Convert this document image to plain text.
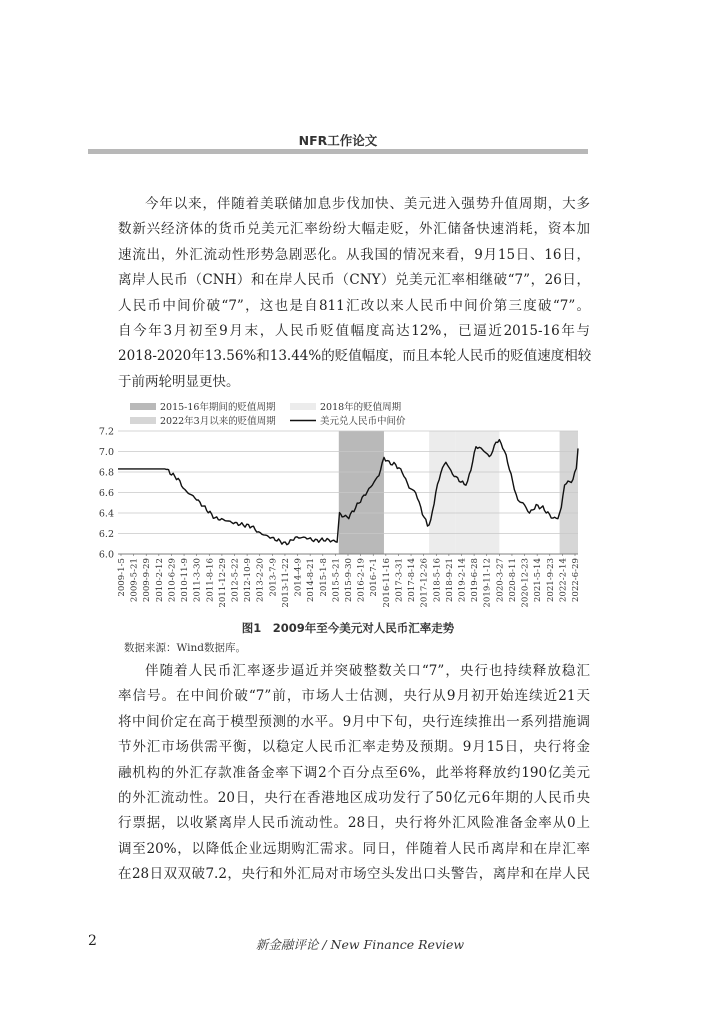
NFR工作论文
今年以来，伴随着美联储加息步伐加快、美元进入强势升值周期，大多
数新兴经济体的货币兑美元汇率纷纷大幅走贬，外汇储备快速消耗，资本加
速流出，外汇流动性形势急剧恶化。从我国的情况来看，9月15日、16日，
离岸人民币（CNH）和在岸人民币（CNY）兑美元汇率相继破“7”，26日，
人民币中间价破“7”，这也是自811汇改以来人民币中间价第三度破“7”。
自今年3月初至9月末，人民币贬值幅度高达12%，已逼近2015-16年与
2018-2020年13.56%和13.44%的贬值幅度，而且本轮人民币的贬值速度相较
于前两轮明显更快。
7.2
7.0
6.8
6.6
6.4
6.2
6.0
2009-1-5 2009-5-21 2009-9-29 2010-2-12 2010-6-29 2010-11-9 2011-3-30 2011-8-16 2011-12-29 2012-5-22 2012-10-9 2013-2-20 2013-7-9 2013-11-22 2014-4-9 2014-8-21 2015-1-8 2015-5-21 2015-9-30 2016-2-19 2016-7-1 2016-11-16 2017-3-31 2017-8-14 2017-12-26 2018-5-16 2018-9-21 2019-2-14 2019-6-28 2019-11-12 2020-3-27 2020-8-11 2020-12-23 2021-5-14 2021-9-23 2022-2-14 2022-6-29
2015-16年期间的贬值周期	2018年的贬值周期
2022年3月以来的贬值周期	美元兑人民币中间价
图1　2009年至今美元对人民币汇率走势
数据来源：Wind数据库。
伴随着人民币汇率逐步逼近并突破整数关口“7”，央行也持续释放稳汇
率信号。在中间价破“7”前，市场人士估测，央行从9月初开始连续近21天
将中间价定在高于模型预测的水平。9月中下旬，央行连续推出一系列措施调
节外汇市场供需平衡，以稳定人民币汇率走势及预期。9月15日，央行将金
融机构的外汇存款准备金率下调2个百分点至6%，此举将释放约190亿美元
的外汇流动性。20日，央行在香港地区成功发行了50亿元6年期的人民币央
行票据，以收紧离岸人民币流动性。28日，央行将外汇风险准备金率从0上
调至20%，以降低企业远期购汇需求。同日，伴随着人民币离岸和在岸汇率
在28日双双破7.2，央行和外汇局对市场空头发出口头警告，离岸和在岸人民
2	新金融评论 / New Finance Review
